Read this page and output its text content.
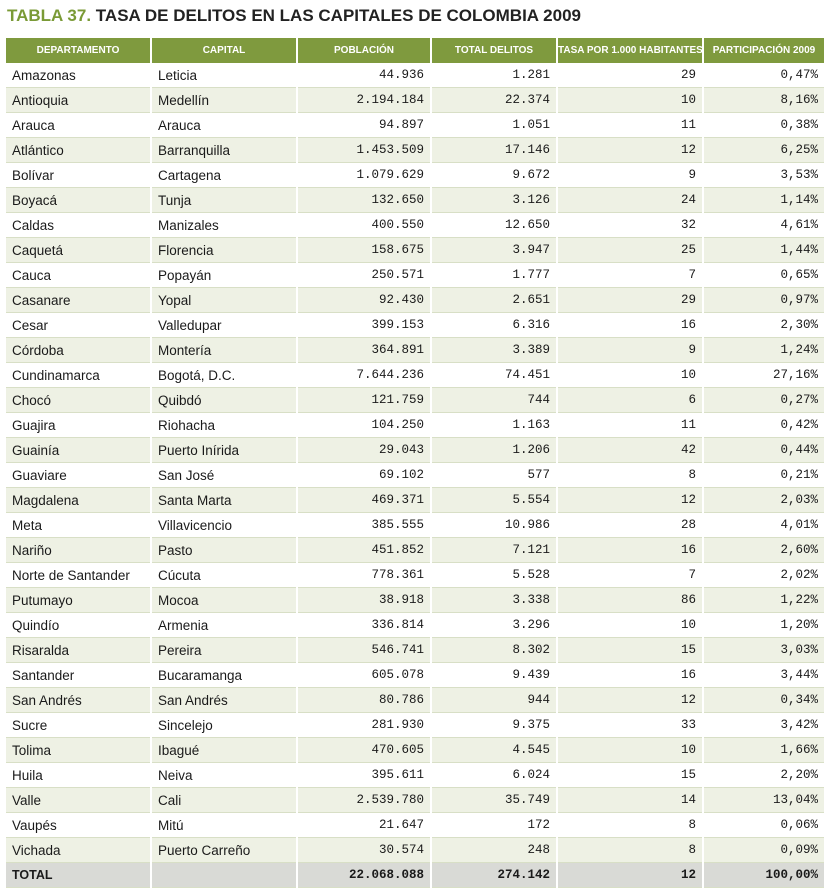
TABLA 37. TASA DE DELITOS EN LAS CAPITALES DE COLOMBIA 2009
DEPARTAMENTO	CAPITAL	POBLACIÓN	TOTAL DELITOS	TASA POR 1.000 HABITANTES	PARTICIPACIÓN 2009
Amazonas	Leticia	44.936	1.281	29	0,47%
Antioquia	Medellín	2.194.184	22.374	10	8,16%
Arauca	Arauca	94.897	1.051	11	0,38%
Atlántico	Barranquilla	1.453.509	17.146	12	6,25%
Bolívar	Cartagena	1.079.629	9.672	9	3,53%
Boyacá	Tunja	132.650	3.126	24	1,14%
Caldas	Manizales	400.550	12.650	32	4,61%
Caquetá	Florencia	158.675	3.947	25	1,44%
Cauca	Popayán	250.571	1.777	7	0,65%
Casanare	Yopal	92.430	2.651	29	0,97%
Cesar	Valledupar	399.153	6.316	16	2,30%
Córdoba	Montería	364.891	3.389	9	1,24%
Cundinamarca	Bogotá, D.C.	7.644.236	74.451	10	27,16%
Chocó	Quibdó	121.759	744	6	0,27%
Guajira	Riohacha	104.250	1.163	11	0,42%
Guainía	Puerto Inírida	29.043	1.206	42	0,44%
Guaviare	San José	69.102	577	8	0,21%
Magdalena	Santa Marta	469.371	5.554	12	2,03%
Meta	Villavicencio	385.555	10.986	28	4,01%
Nariño	Pasto	451.852	7.121	16	2,60%
Norte de Santander	Cúcuta	778.361	5.528	7	2,02%
Putumayo	Mocoa	38.918	3.338	86	1,22%
Quindío	Armenia	336.814	3.296	10	1,20%
Risaralda	Pereira	546.741	8.302	15	3,03%
Santander	Bucaramanga	605.078	9.439	16	3,44%
San Andrés	San Andrés	80.786	944	12	0,34%
Sucre	Sincelejo	281.930	9.375	33	3,42%
Tolima	Ibagué	470.605	4.545	10	1,66%
Huila	Neiva	395.611	6.024	15	2,20%
Valle	Cali	2.539.780	35.749	14	13,04%
Vaupés	Mitú	21.647	172	8	0,06%
Vichada	Puerto Carreño	30.574	248	8	0,09%
TOTAL		22.068.088	274.142	12	100,00%
